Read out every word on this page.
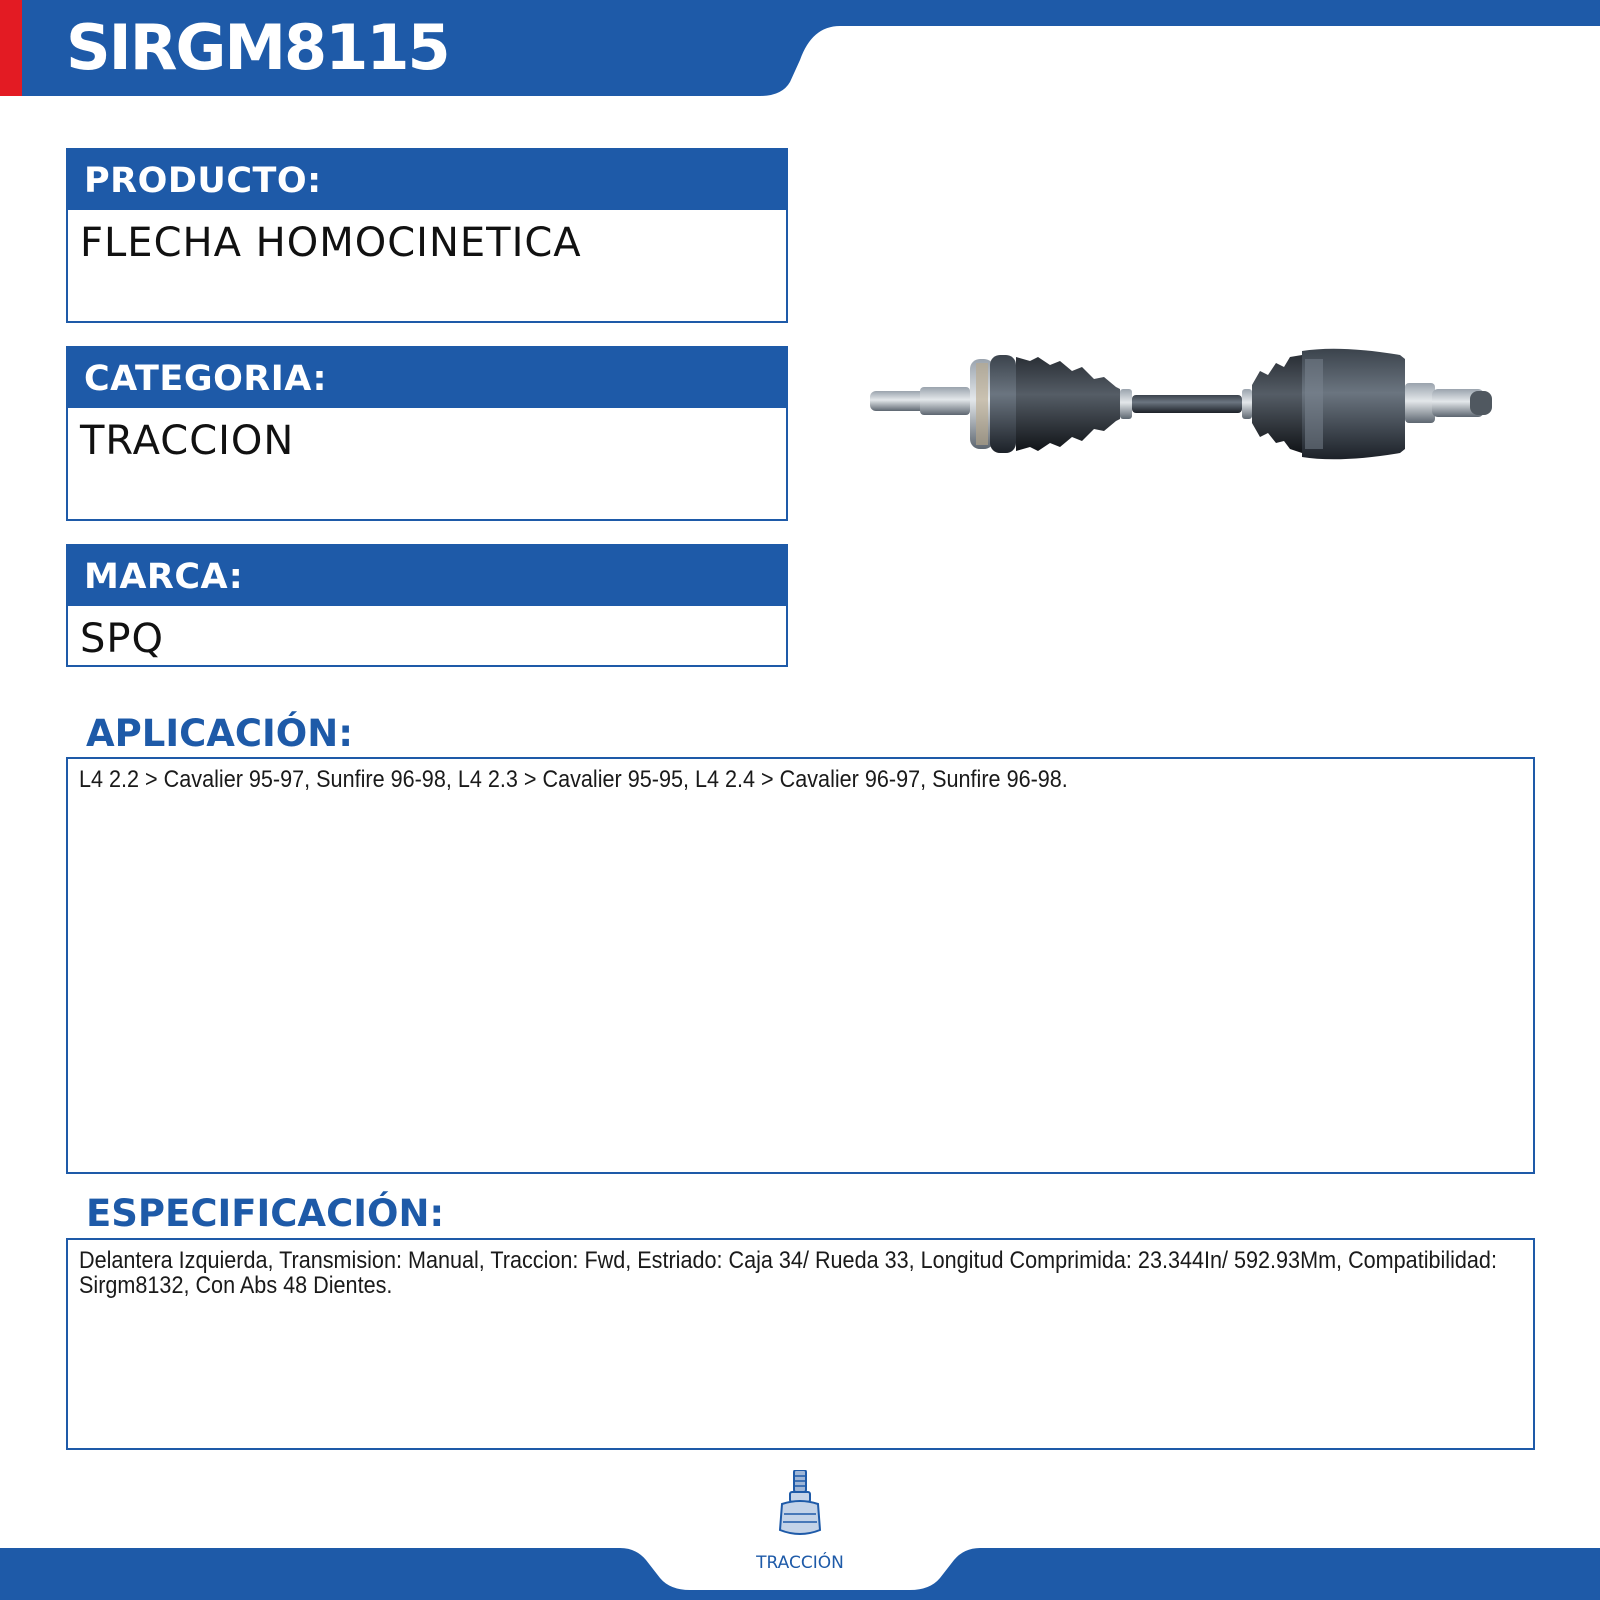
SIRGM8115
PRODUCTO:
FLECHA HOMOCINETICA
CATEGORIA:
TRACCION
MARCA:
SPQ
APLICACIÓN:
L4 2.2 > Cavalier 95-97, Sunfire 96-98, L4 2.3 > Cavalier 95-95, L4 2.4 > Cavalier 96-97, Sunfire 96-98.
ESPECIFICACIÓN:
Delantera Izquierda, Transmision: Manual, Traccion: Fwd, Estriado: Caja 34/ Rueda 33, Longitud Comprimida: 23.344In/ 592.93Mm, Compatibilidad: Sirgm8132, Con Abs 48 Dientes.
TRACCIÓN
